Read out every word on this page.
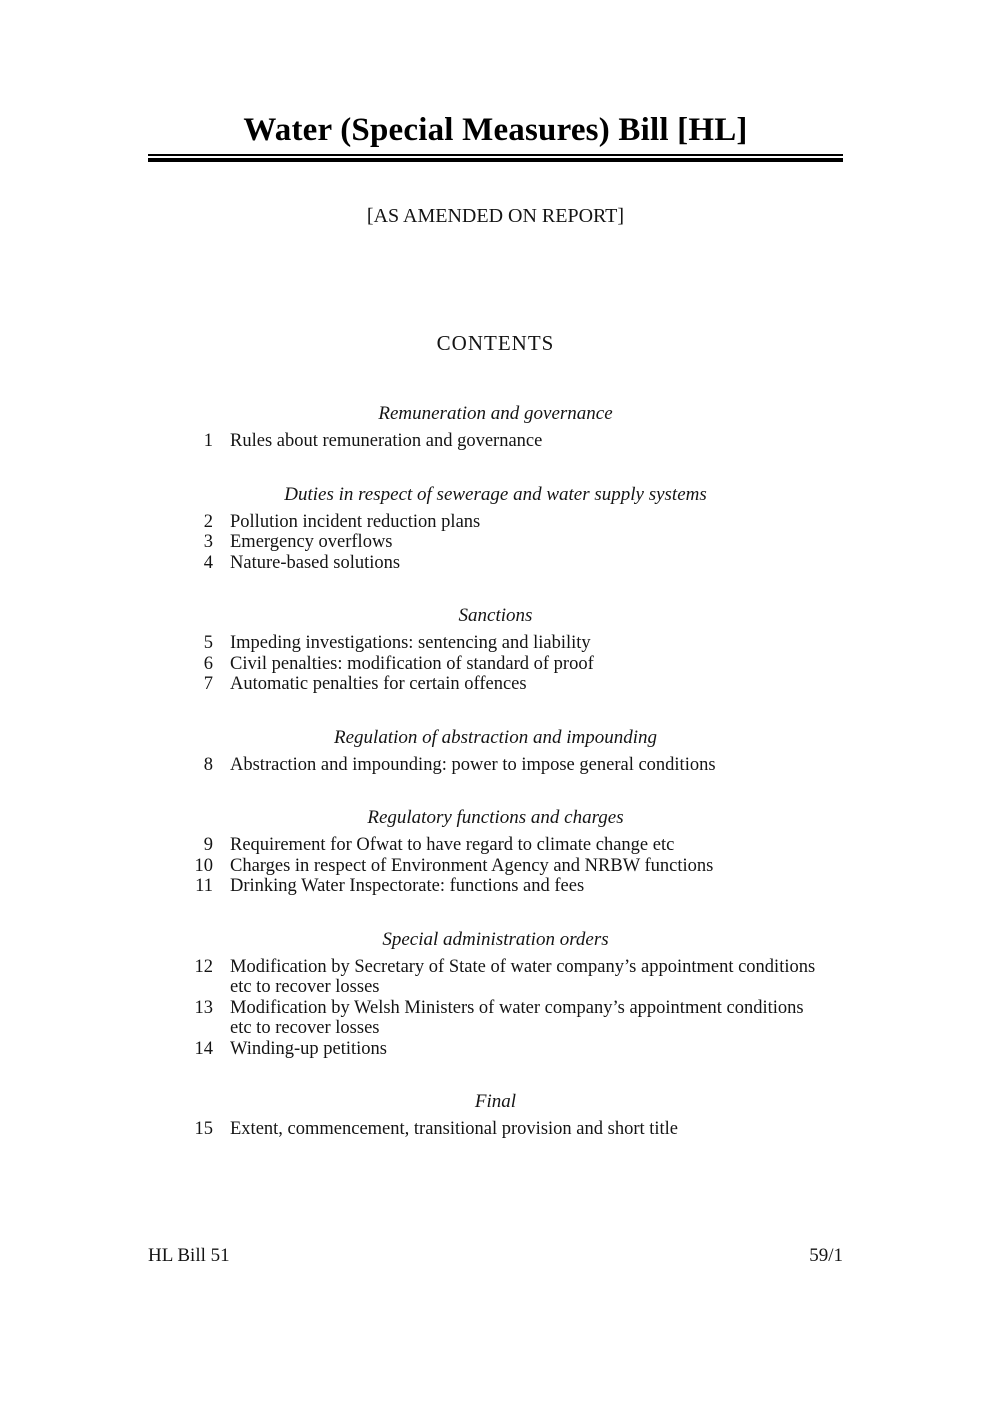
Water (Special Measures) Bill [HL]
[AS AMENDED ON REPORT]
CONTENTS
Remuneration and governance
1 Rules about remuneration and governance
Duties in respect of sewerage and water supply systems
2 Pollution incident reduction plans
3 Emergency overflows
4 Nature-based solutions
Sanctions
5 Impeding investigations: sentencing and liability
6 Civil penalties: modification of standard of proof
7 Automatic penalties for certain offences
Regulation of abstraction and impounding
8 Abstraction and impounding: power to impose general conditions
Regulatory functions and charges
9 Requirement for Ofwat to have regard to climate change etc
10 Charges in respect of Environment Agency and NRBW functions
11 Drinking Water Inspectorate: functions and fees
Special administration orders
12 Modification by Secretary of State of water company’s appointment conditions
etc to recover losses
13 Modification by Welsh Ministers of water company’s appointment conditions
etc to recover losses
14 Winding-up petitions
Final
15 Extent, commencement, transitional provision and short title
HL Bill 51	59/1
